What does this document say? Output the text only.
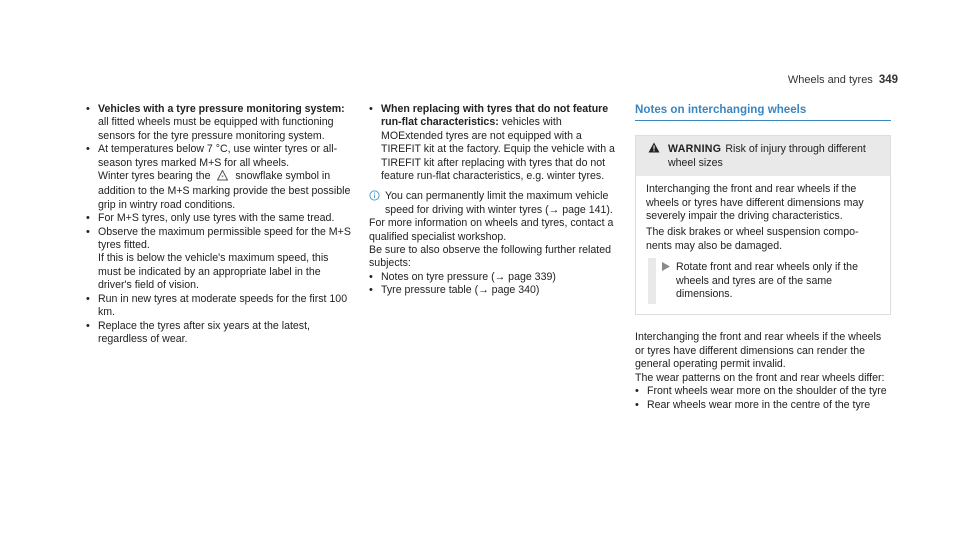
Wheels and tyres 349
• Vehicles with a tyre pressure monitoring system: all fitted wheels must be equipped with functioning sensors for the tyre pressure monitoring system.

• At temperatures below 7 °C, use winter tyres or all-season tyres marked M+S for all wheels.

Winter tyres bearing the * snowflake symbol in addition to the M+S marking provide the best possible grip in wintry road conditions.

• For M+S tyres, only use tyres with the same tread.

• Observe the maximum permissible speed for the M+S tyres fitted.

If this is below the vehicle's maximum speed, this must be indicated by an appropriate label in the driver's field of vision.

• Run in new tyres at moderate speeds for the first 100 km.
• Replace the tyres after six years at the latest, regardless of wear.
• When replacing with tyres that do not feature run-flat characteristics: vehicles with MOExtended tyres are not equipped with a TIREFIT kit at the factory. Equip the vehicle with a TIREFIT kit after replacing with tyres that do not feature run-flat characteristics, e.g. winter tyres.

You can permanently limit the maximum vehicle speed for driving with winter tyres (→ page 141).

For more information on wheels and tyres, contact a qualified specialist workshop.

Be sure to also observe the following further related subjects:

• Notes on tyre pressure (→ page 339)
• Tyre pressure table (→ page 340)
Notes on interchanging wheels
WARNING Risk of injury through different wheel sizes

Interchanging the front and rear wheels if the wheels or tyres have different dimensions may severely impair the driving characteristics.

The disk brakes or wheel suspension components may also be damaged.

Rotate front and rear wheels only if the wheels and tyres are of the same dimensions.

Interchanging the front and rear wheels if the wheels or tyres have different dimensions can render the general operating permit invalid.

The wear patterns on the front and rear wheels differ:

• Front wheels wear more on the shoulder of the tyre
• Rear wheels wear more in the centre of the tyre
